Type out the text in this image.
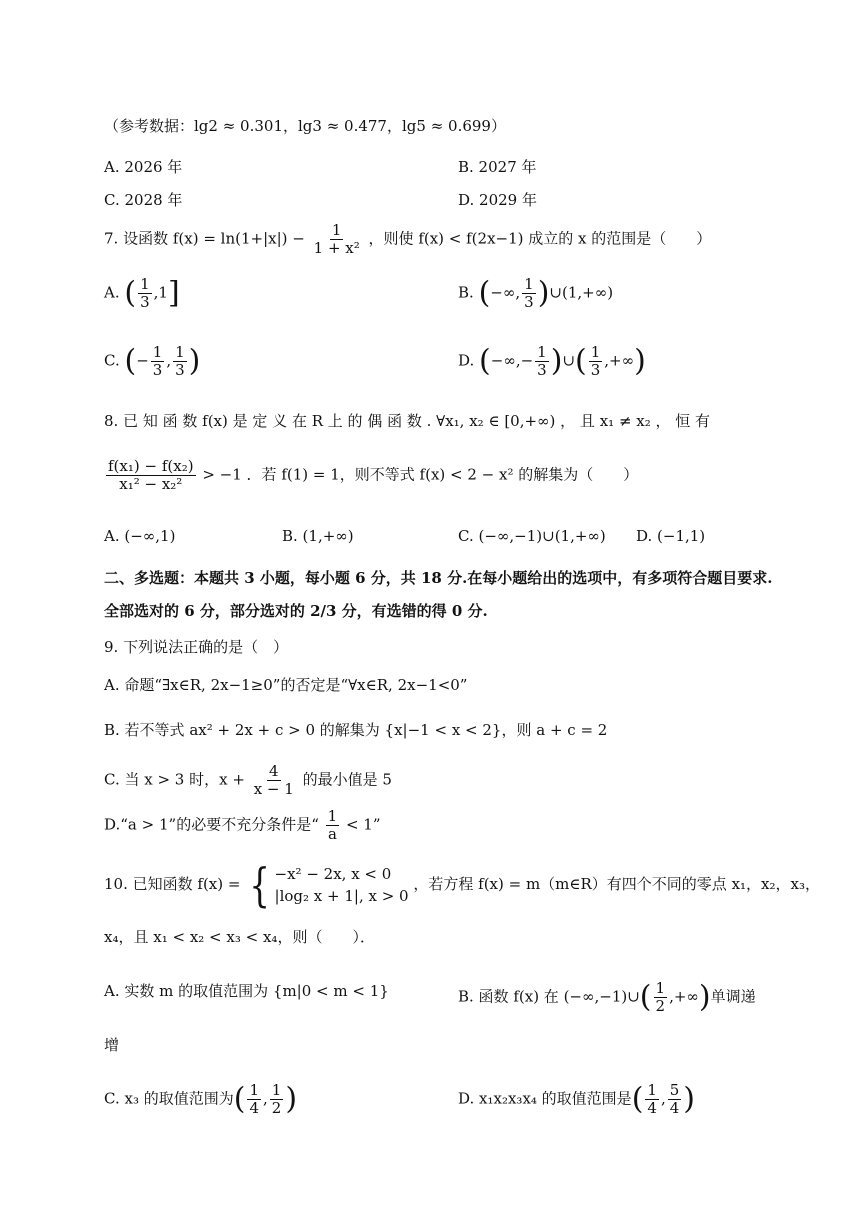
（参考数据：lg2 ≈ 0.301，lg3 ≈ 0.477，lg5 ≈ 0.699）
A. 2026 年	B. 2027 年
C. 2028 年	D. 2029 年
7. 设函数 $f(x) = \ln(1+|x|) - \frac{1}{\text{1 + x²}}$ ，则使 f(x) < f(2x−1) 成立的 x 的范围是（　　）
A. ( $\frac{1}{3} ,1$]	B. (−∞, $\frac{1}{3}$ )∪(1,+∞)
C. (− $\frac{1}{3}$ , $\frac{1}{3}$ )	D. (−∞,− $\frac{1}{3}$ )∪( $\frac{1}{3}$ ,+∞)
8. 已 知 函 数 f(x) 是 定 义 在 R 上 的 偶 函 数 . ∀x₁, x₂ ∈ [0,+∞) ， 且 x₁ ≠ x₂ ， 恒 有
$\frac{\text{f(x₁) − f(x₂)}}{\text{x₁² − x₂²}} > -1$ ．若 f(1) = 1，则不等式 f(x) < 2 − x² 的解集为（　　）
A. (−∞,1)	B. (1,+∞)	C. (−∞,−1)∪(1,+∞) D. (−1,1)
二、多选题：本题共 3 小题，每小题 6 分，共 18 分.在每小题给出的选项中，有多项符合题目要求.
全部选对的 6 分，部分选对的 2/3 分，有选错的得 0 分.
9. 下列说法正确的是（　）
A. 命题“∃x∈R, 2x−1≥0”的否定是“∀x∈R, 2x−1<0”
B. 若不等式 ax² + 2x + c > 0 的解集为 {x|−1 < x < 2}，则 a + c = 2
C. 当 x > 3 时，$x + \frac{4}{x - 1}$ 的最小值是 5
D.“a > 1”的必要不充分条件是“ $\frac{1}{a} < 1$”
10. 已知函数 f(x) = { −x² − 2x, x < 0
|log₂ x + 1|, x > 0
，若方程 f(x) = m（m∈R）有四个不同的零点 x₁，x₂，x₃，
x₄，且 x₁ < x₂ < x₃ < x₄，则（　　）．
A. 实数 m 的取值范围为 {m|0 < m < 1}	B. 函数 f(x) 在 (−∞,−1)∪( $\frac{1}{2}$ ,+∞)单调递
增
C. x₃ 的取值范围为( $\frac{1}{4}$ , $\frac{1}{2}$ )	D. x₁x₂x₃x₄ 的取值范围是( $\frac{1}{4}$ , $\frac{5}{4}$ )
